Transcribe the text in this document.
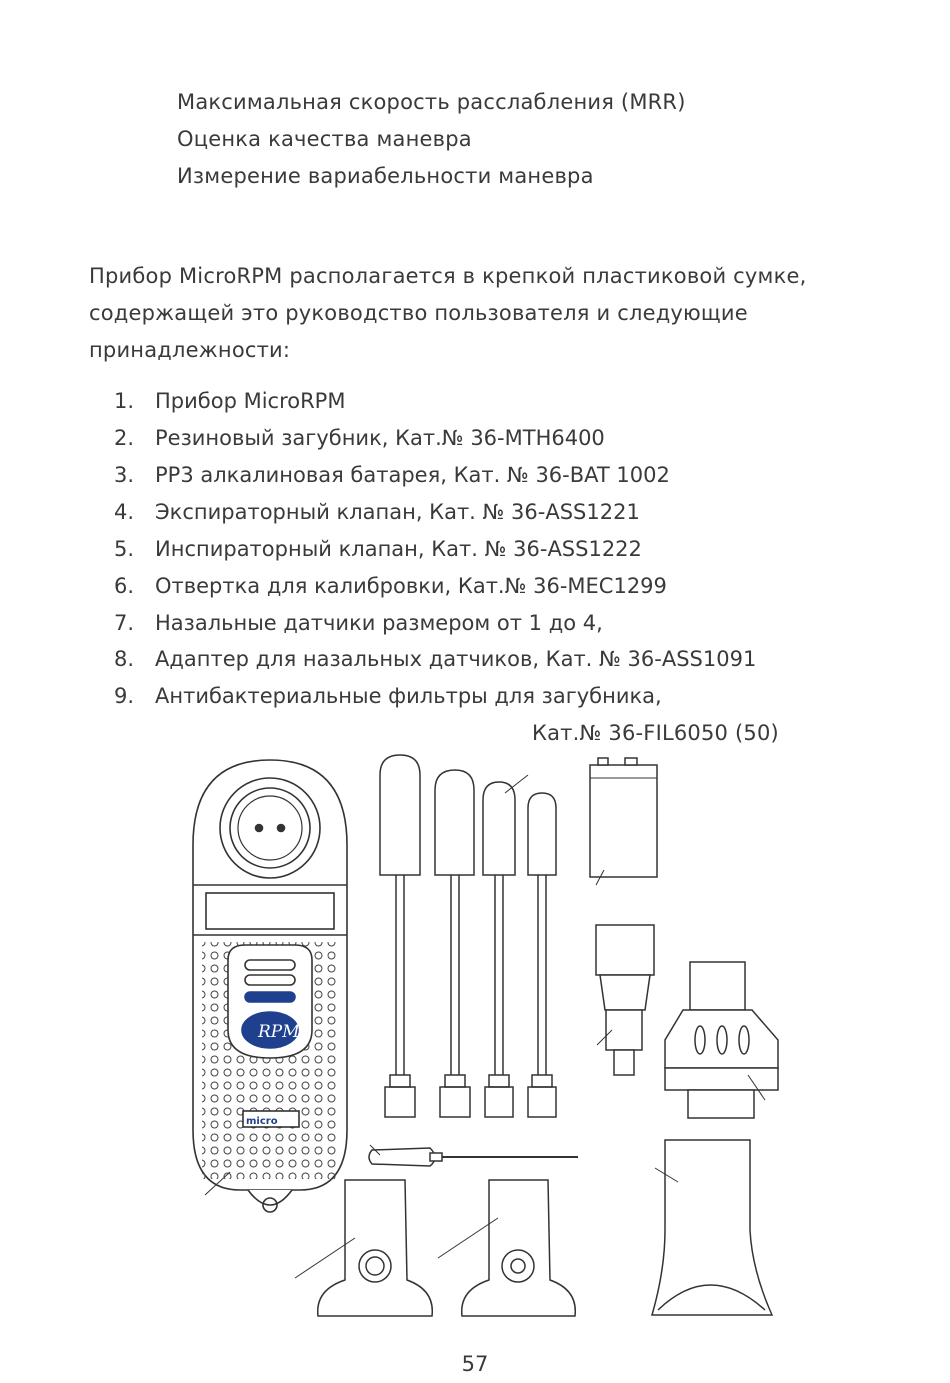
Максимальная скорость расслабления (MRR)
Оценка качества маневра
Измерение вариабельности маневра
Прибор MicroRPM располагается в крепкой пластиковой сумке,
содержащей это руководство пользователя и следующие
принадлежности:
1. Прибор MicroRPM
2. Резиновый загубник, Кат.№ 36-MTH6400
3. PP3 алкалиновая батарея, Кат. № 36-BAT 1002
4. Экспираторный клапан, Кат. № 36-ASS1221
5. Инспираторный клапан, Кат. № 36-ASS1222
6. Отвертка для калибровки, Кат.№ 36-MEC1299
7. Назальные датчики размером от 1 до 4,
8. Адаптер для назальных датчиков, Кат. № 36-ASS1091
9. Антибактериальные фильтры для загубника,
Кат.№ 36-FIL6050 (50)
RPM
micro
57
